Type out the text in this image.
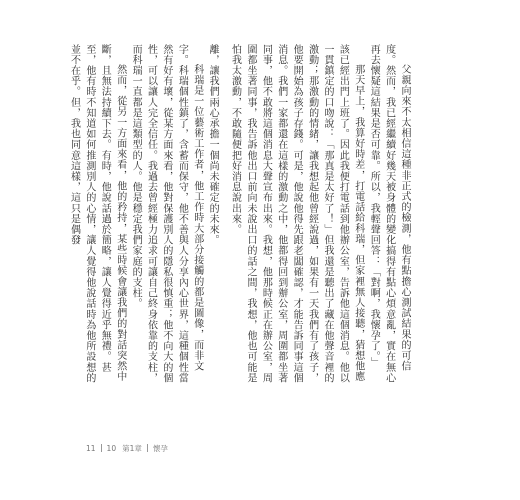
父親向來不太相信這種非正式的檢測，他有點擔心測試結果的可信度。然而，我已經繼續好幾天被身體的變化搞得有點心煩意亂，實在無心再去懷疑這結果是否可靠。所以，我輕聲回答：「對啊，我懷孕了。」

那天早上，我算好時差，打電話給科瑞，但家裡無人接聽，猜想他應該已經出門上班了。因此我便打電話到他辦公室，告訴他這個消息。他以一貫鎮定的口吻說：「那真是太好了！」但我還是聽出了藏在他聲音裡的激動；那激動的情緒，讓我想起他曾經說過，如果有一天我們有了孩子，他要開始為孩子存錢。可是，他說他得先跟老闆確認，才能告訴同事這個消息。我們一家都還在這樣的激動之中，他都得回到辦公室，周圍都坐著同事，他不敢將這個消息大聲宣布出來。我想，他那時候正在辦公室，周圍都坐著同事，我告訴他出口前向未說出口的話之間，我想，他也可能是怕我太激動，不敢隨便把好消息說出來。

離，讓我們兩心承擔一個尚未確定的未來。

科瑞是一位藝術工作者，他工作時大部分接觸的都是圖像，而非文字。科瑞個性鎮了，含蓄而保守，他不善與人分享內心世界，這種個性當然有好有壞，從某方面來看，他對保護別人的隱私很慎重；他不向大的個性，可以讓人完全信任。我過去曾經極力追求可讓自己終身依靠的支柱，而科瑞一直都是這類型的人。他是穩定我們家庭的支柱。

然而，從另一方面來看，他的矜持，某些時候會讓我們的對話突然中斷，且無法持續下去。有時，他說話過於簡略，讓人覺得近乎無禮。甚至，他有時不知道如何推測別人的心情，讓人覺得他說話時為他所設想的並不在乎。但，我也同意這樣，這只是偶發

11 10 第1章 懷孕
